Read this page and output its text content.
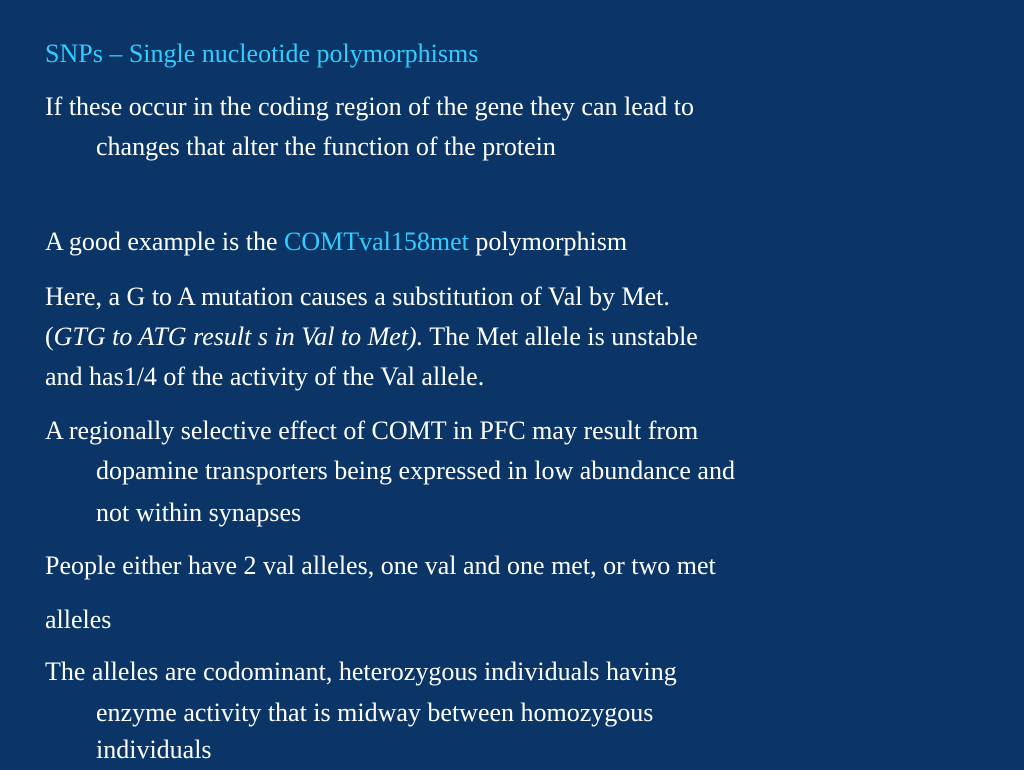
SNPs – Single nucleotide polymorphisms
If these occur in the coding region of the gene they can lead to
changes that alter the function of the protein
A good example is the COMTval158met polymorphism
Here, a G to A mutation causes a substitution of Val by Met.
(GTG to ATG result s in Val to Met). The Met allele is unstable
and has1/4 of the activity of the Val allele.
A regionally selective effect of COMT in PFC may result from
dopamine transporters being expressed in low abundance and
not within synapses
People either have 2 val alleles, one val and one met, or two met
alleles
The alleles are codominant, heterozygous individuals having
enzyme activity that is midway between homozygous
individuals
